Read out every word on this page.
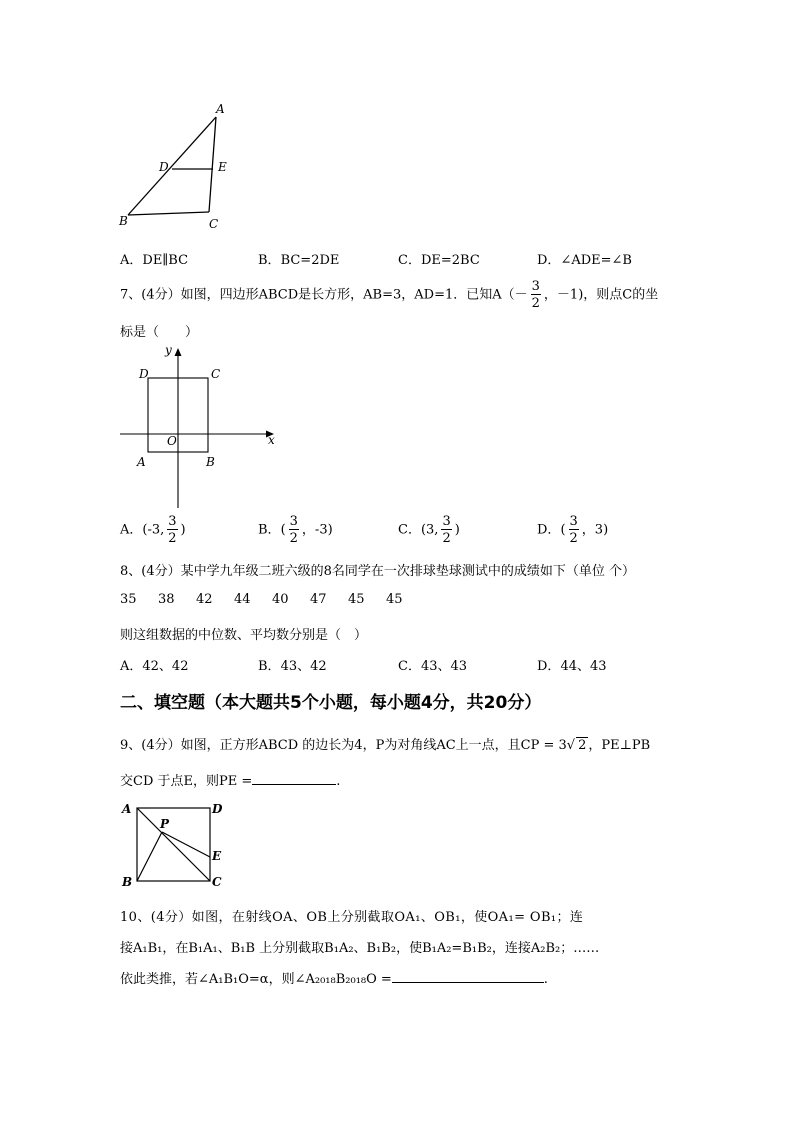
A
D	E
B	C
A．DE∥BC	B．BC=2DE	C．DE=2BC	D．∠ADE=∠B
7、(4分）如图，四边形ABCD是长方形，AB=3，AD=1．已知$A(- \frac{3}{2}$ ，－1)，则点C的坐
标是（　　）
y
D	C
O	x
A	B
A．(-3, $\frac{3}{2}$ )	B．( $\frac{3}{2}$ ，-3)	C．(3, $\frac{3}{2}$ )	D．( $\frac{3}{2}$ ，3)
8、(4分）某中学九年级二班六级的8名同学在一次排球垫球测试中的成绩如下（单位 个）
35 38 42 44 40 47 45 45
则这组数据的中位数、平均数分别是（　）
A．42、42	B．43、42	C．43、43	D．44、43
二、填空题（本大题共5个小题，每小题4分，共20分）
9、(4分）如图，正方形ABCD 的边长为4，P为对角线AC上一点，且CP = 3√ 2 ，PE⊥PB
交CD 于点E，则PE =	.
A	D
P
E
B	C
10、(4分）如图，在射线OA、OB上分别截取OA₁、OB₁，使OA₁= OB₁；连
接A₁B₁，在B₁A₁、B₁B 上分别截取B₁A₂、B₁B₂，使B₁A₂=B₁B₂，连接A₂B₂；……
依此类推，若∠A₁B₁O=α，则∠A₂₀₁₈B₂₀₁₈O =	.
